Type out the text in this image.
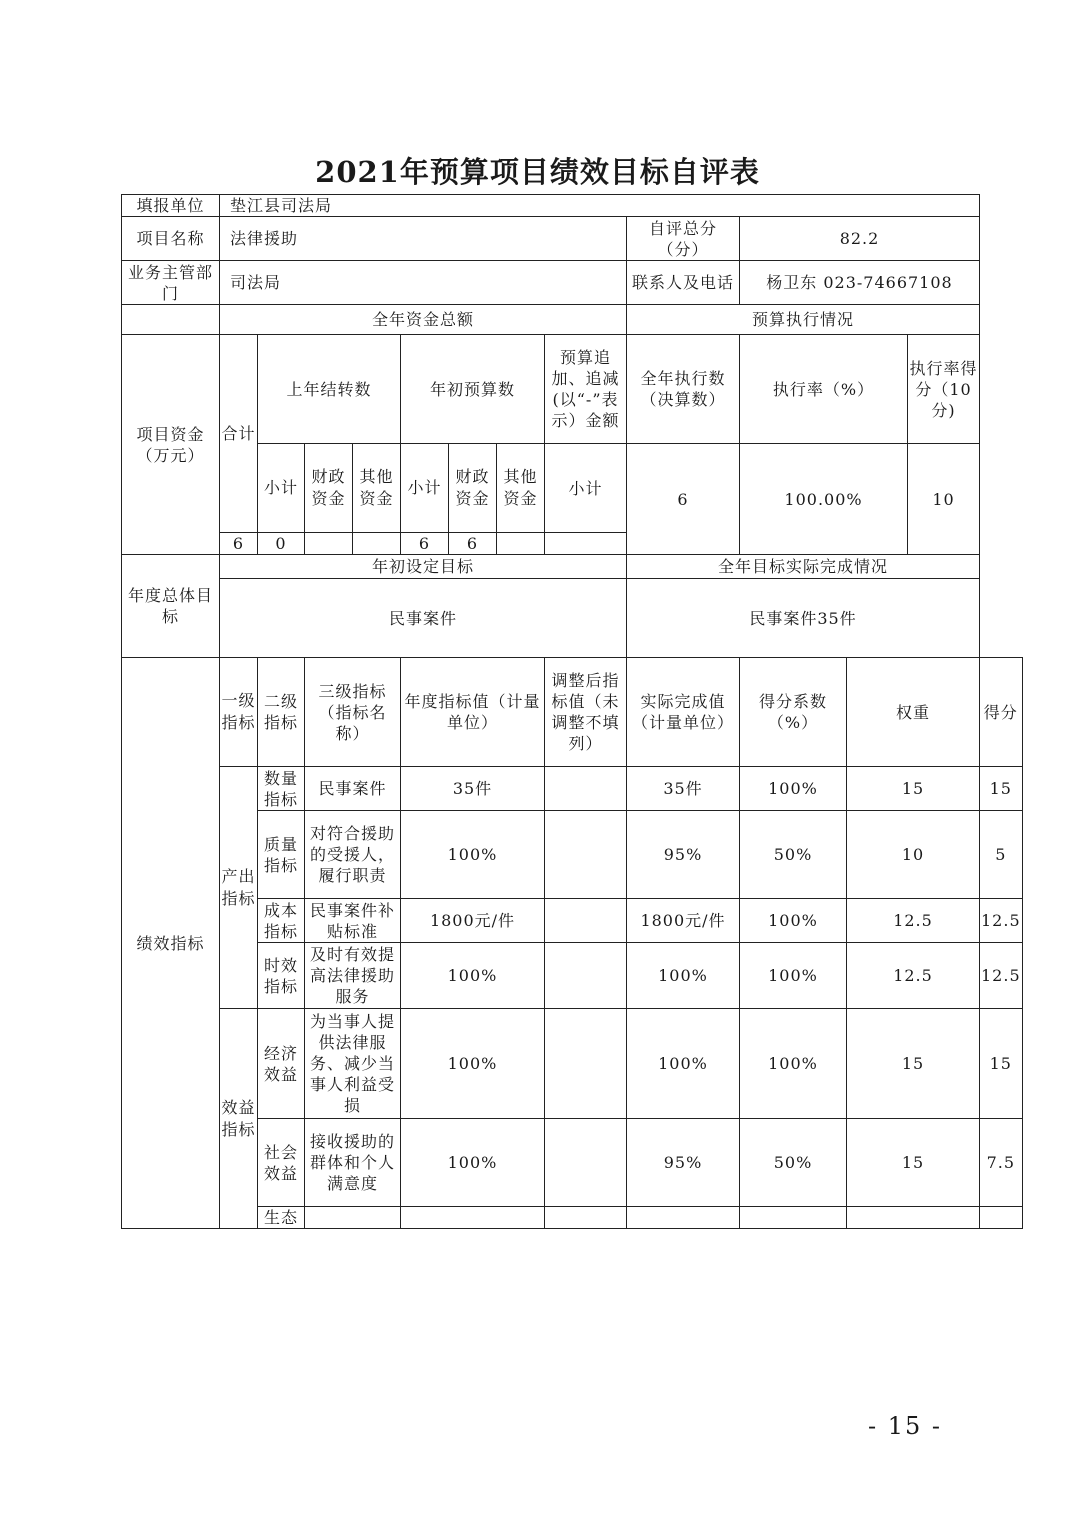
2021年预算项目绩效目标自评表
填报单位	垫江县司法局												
项目名称	法律援助								自评总分（分）	82.2			
业务主管部门	司法局								联系人及电话	杨卫东 023-74667108			
	全年资金总额								预算执行情况				
项目资金（万元）	合计	上年结转数			年初预算数			预算追加、追减(以“-”表示）金额	全年执行数（决算数）	执行率（%）		执行率得分（10分)	
		小计	财政资金	其他资金	小计	财政资金	其他资金	小计	6	100.00%		10	
	6	0			6	6							
年度总体目标	年初设定目标								全年目标实际完成情况				
	民事案件								民事案件35件				
绩效指标	一级指标	二级指标	三级指标（指标名称）		年度指标值（计量单位）			调整后指标值（未调整不填列）	实际完成值（计量单位）	得分系数（%）	权重		得分
	产出指标	数量指标	民事案件		35件				35件	100%	15		15
		质量指标	对符合援助的受援人，履行职责		100%				95%	50%	10		5
		成本指标	民事案件补贴标准		1800元/件				1800元/件	100%	12.5		12.5
		时效指标	及时有效提高法律援助服务		100%				100%	100%	12.5		12.5
	效益指标	经济效益	为当事人提供法律服务、减少当事人利益受损		100%				100%	100%	15		15
		社会效益	接收援助的群体和个人满意度		100%				95%	50%	15		7.5
		生态											
- 15 -
